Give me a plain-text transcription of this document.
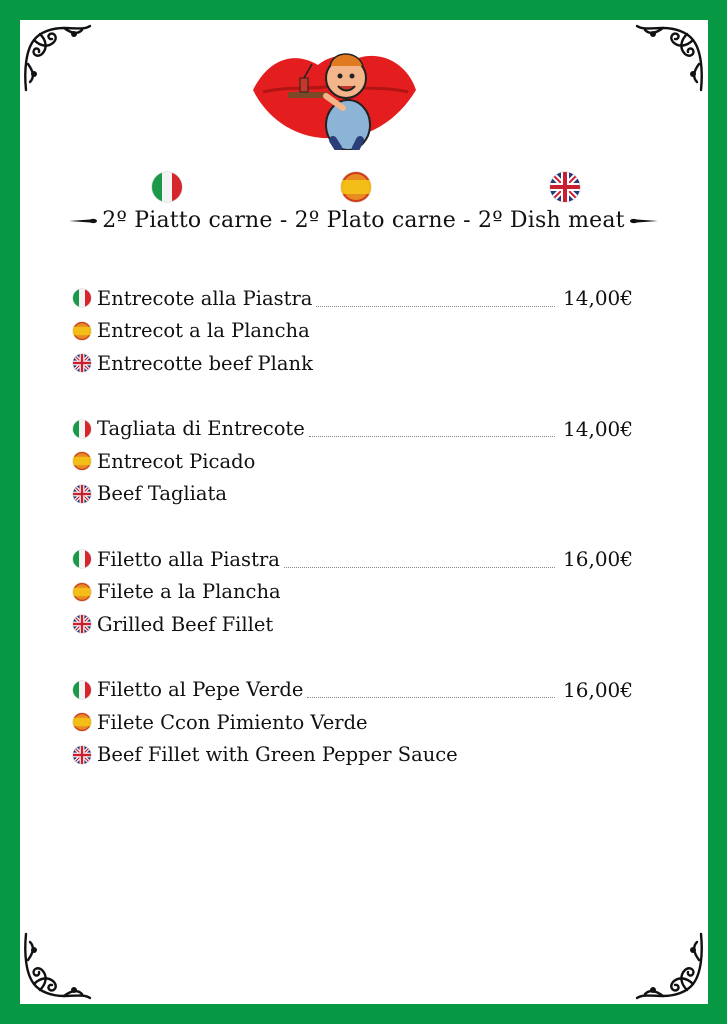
2º Piatto carne - 2º Plato carne - 2º Dish meat
Entrecote alla Piastra	14,00€
Entrecot a la Plancha
Entrecotte beef Plank
Tagliata di Entrecote	14,00€
Entrecot Picado
Beef Tagliata
Filetto alla Piastra	16,00€
Filete a la Plancha
Grilled Beef Fillet
Filetto al Pepe Verde	16,00€
Filete Ccon Pimiento Verde
Beef Fillet with Green Pepper Sauce
